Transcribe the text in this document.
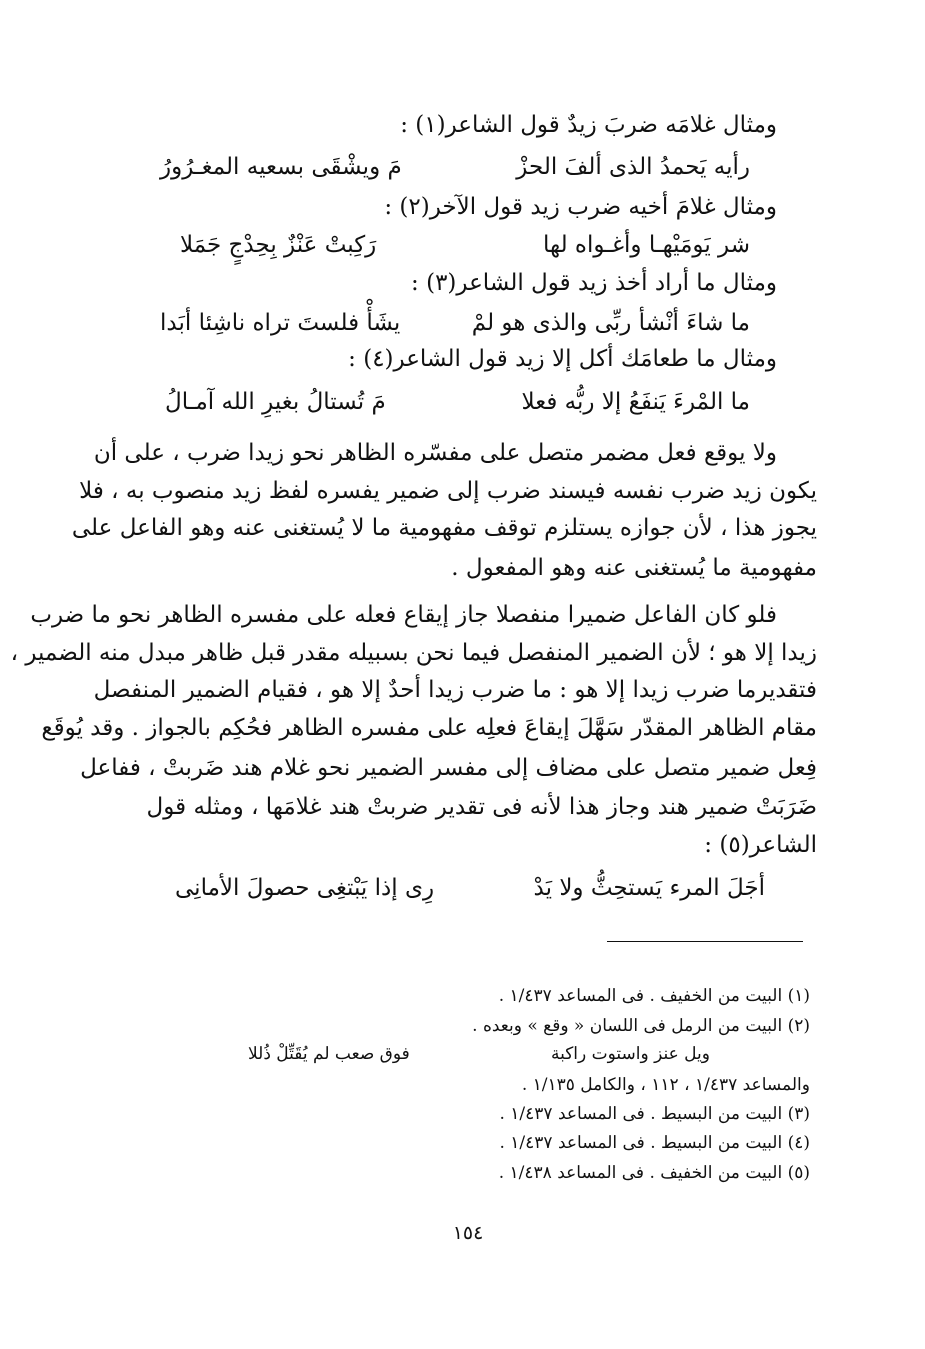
ومثال غلامَه ضربَ زيدٌ قول الشاعر(١) :
رأيه يَحمدُ الذى ألفَ الحزْ
مَ ويشْقَى بسعيه المغـرُورُ
ومثال غلامَ أخيه ضرب زيد قول الآخر(٢) :
شر يَومَيْهـا وأغـواه لها
رَكِبتْ عَنْزٌ بِحِدْجٍ جَمَلا
ومثال ما أراد أخذ زيد قول الشاعر(٣) :
ما شاءَ أنْشأ ربِّى والذى هو لمْ
يشَأْ فلستَ تراه ناشِئا أبَدا
ومثال ما طعامَك أكل إلا زيد قول الشاعر(٤) :
ما المْرءَ يَنفَعُ إلا ربُّه فعلا
مَ تُستالُ بغيرِ الله آمـالُ
ولا يوقع فعل مضمر متصل على مفسّره الظاهر نحو زيدا ضرب ، على أن
يكون زيد ضرب نفسه فيسند ضرب إلى ضمير يفسره لفظ زيد منصوب به ، فلا
يجوز هذا ، لأن جوازه يستلزم توقف مفهومية ما لا يُستغنى عنه وهو الفاعل على
مفهومية ما يُستغنى عنه وهو المفعول .
فلو كان الفاعل ضميرا منفصلا جاز إيقاع فعله على مفسره الظاهر نحو ما ضرب
زيدا إلا هو ؛ لأن الضمير المنفصل فيما نحن بسبيله مقدر قبل ظاهر مبدل منه الضمير ،
فتقديرما ضرب زيدا إلا هو : ما ضرب زيدا أحدٌ إلا هو ، فقيام الضمير المنفصل
مقام الظاهر المقدّر سَهَّلَ إيقاعَ فعلِه على مفسره الظاهر فحُكِم بالجواز . وقد يُوقَع
فِعل ضمير متصل على مضاف إلى مفسر الضمير نحو غلام هند ضَربتْ ، ففاعل
ضَرَبَتْ ضمير هند وجاز هذا لأنه فى تقدير ضربتْ هند غلامَها ، ومثله قول
الشاعر(٥) :
أجَلَ المرء يَستحِثُّ ولا يَدْ
رِى إذا يَبْتغِى حصولَ الأمانِى
(١) البيت من الخفيف . فى المساعد ١/٤٣٧ .
(٢) البيت من الرمل فى اللسان « وقع » وبعده .
ويل عنز واستوت راكبة
فوق صعب لم يُقَتِّلْ ذُللا
والمساعد ١/٤٣٧ ، ١١٢ ، والكامل ١/١٣٥ .
(٣) البيت من البسيط . فى المساعد ١/٤٣٧ .
(٤) البيت من البسيط . فى المساعد ١/٤٣٧ .
(٥) البيت من الخفيف . فى المساعد ١/٤٣٨ .
١٥٤
